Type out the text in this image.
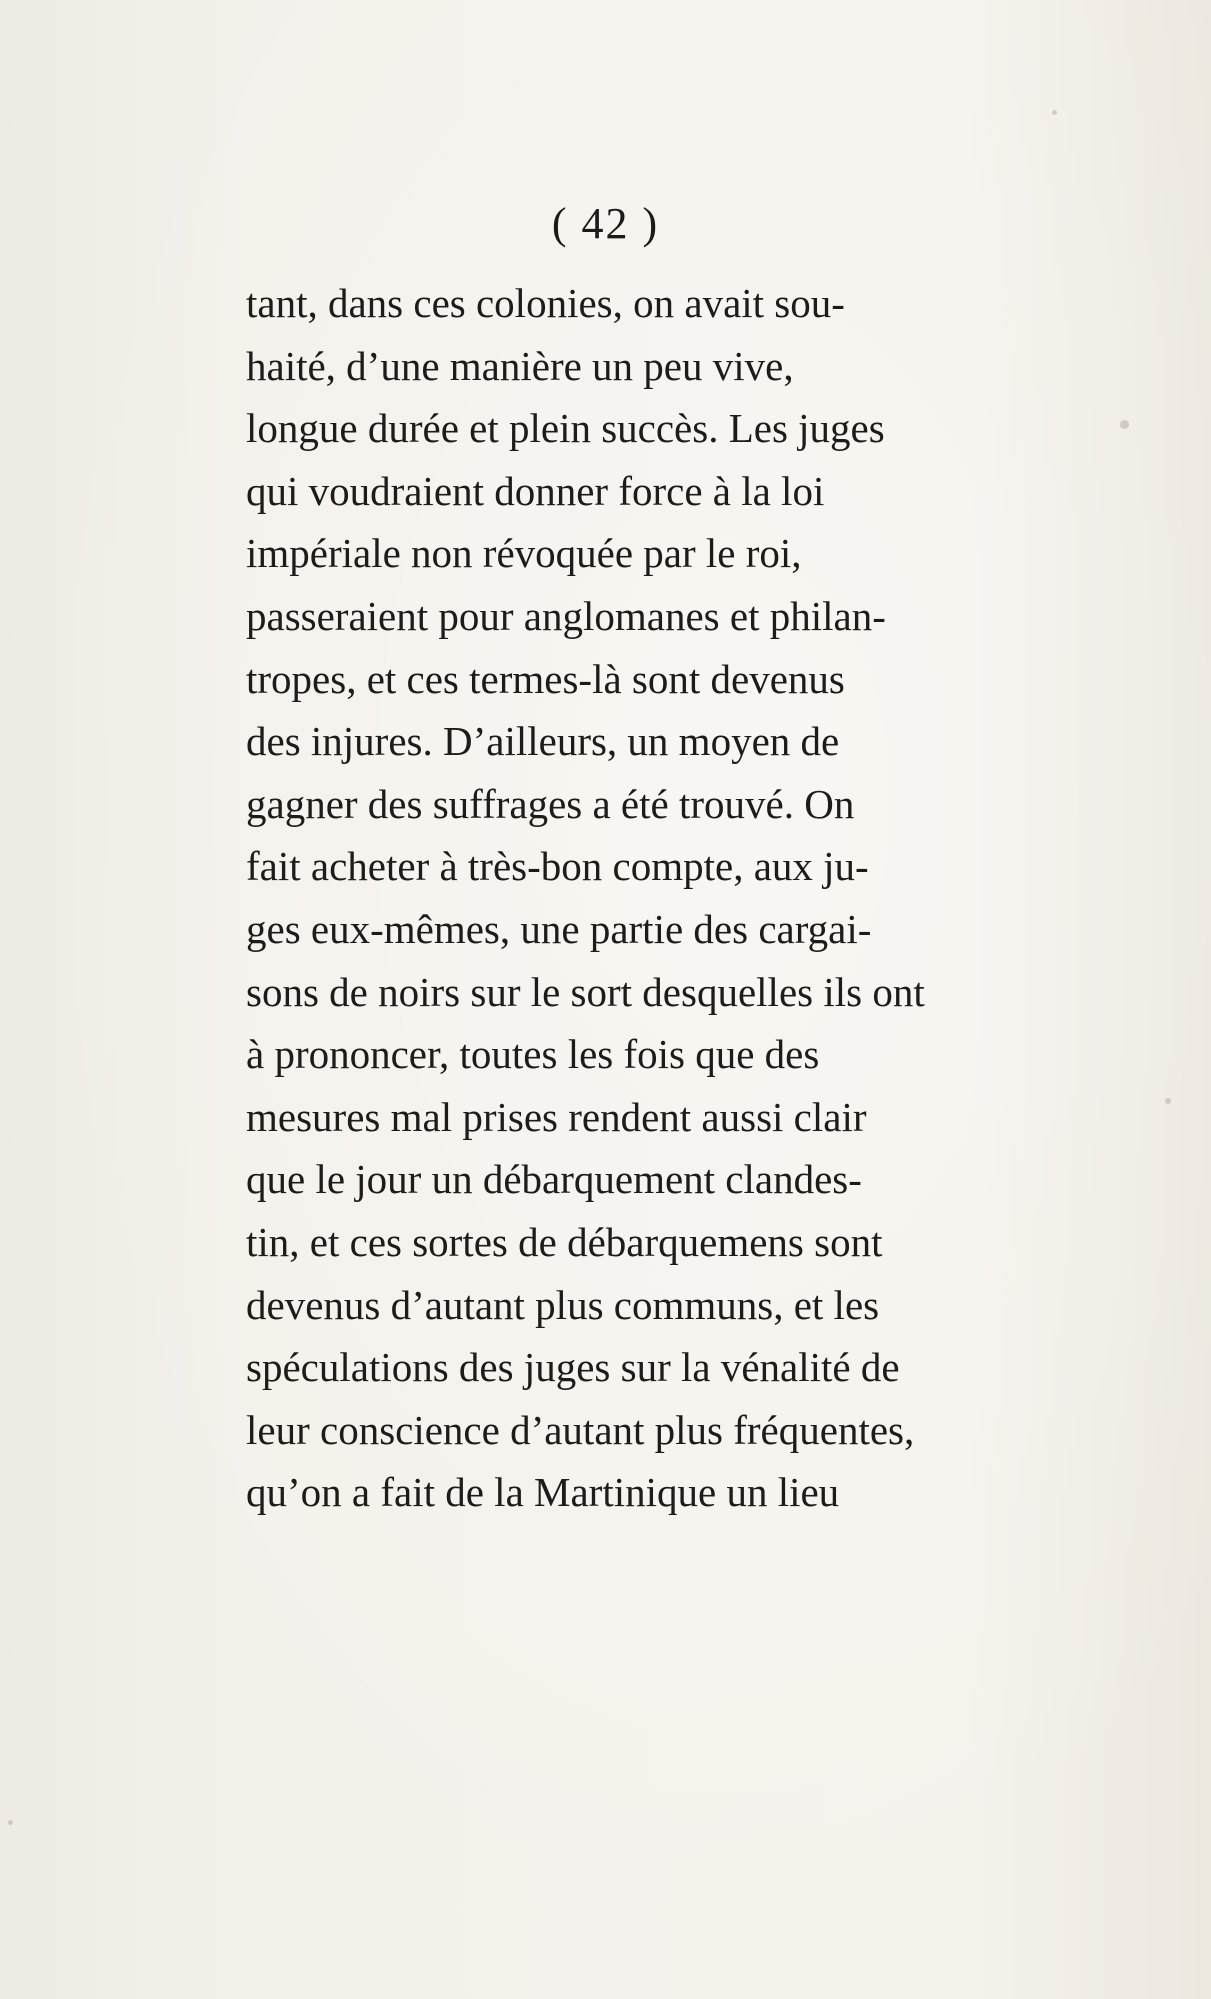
( 42 )
tant, dans ces colonies, on avait sou-
haité, d’une manière un peu vive,
longue durée et plein succès. Les juges
qui voudraient donner force à la loi
impériale non révoquée par le roi,
passeraient pour anglomanes et philan-
tropes, et ces termes-là sont devenus
des injures. D’ailleurs, un moyen de
gagner des suffrages a été trouvé. On
fait acheter à très-bon compte, aux ju-
ges eux-mêmes, une partie des cargai-
sons de noirs sur le sort desquelles ils ont
à prononcer, toutes les fois que des
mesures mal prises rendent aussi clair
que le jour un débarquement clandes-
tin, et ces sortes de débarquemens sont
devenus d’autant plus communs, et les
spéculations des juges sur la vénalité de
leur conscience d’autant plus fréquentes,
qu’on a fait de la Martinique un lieu
